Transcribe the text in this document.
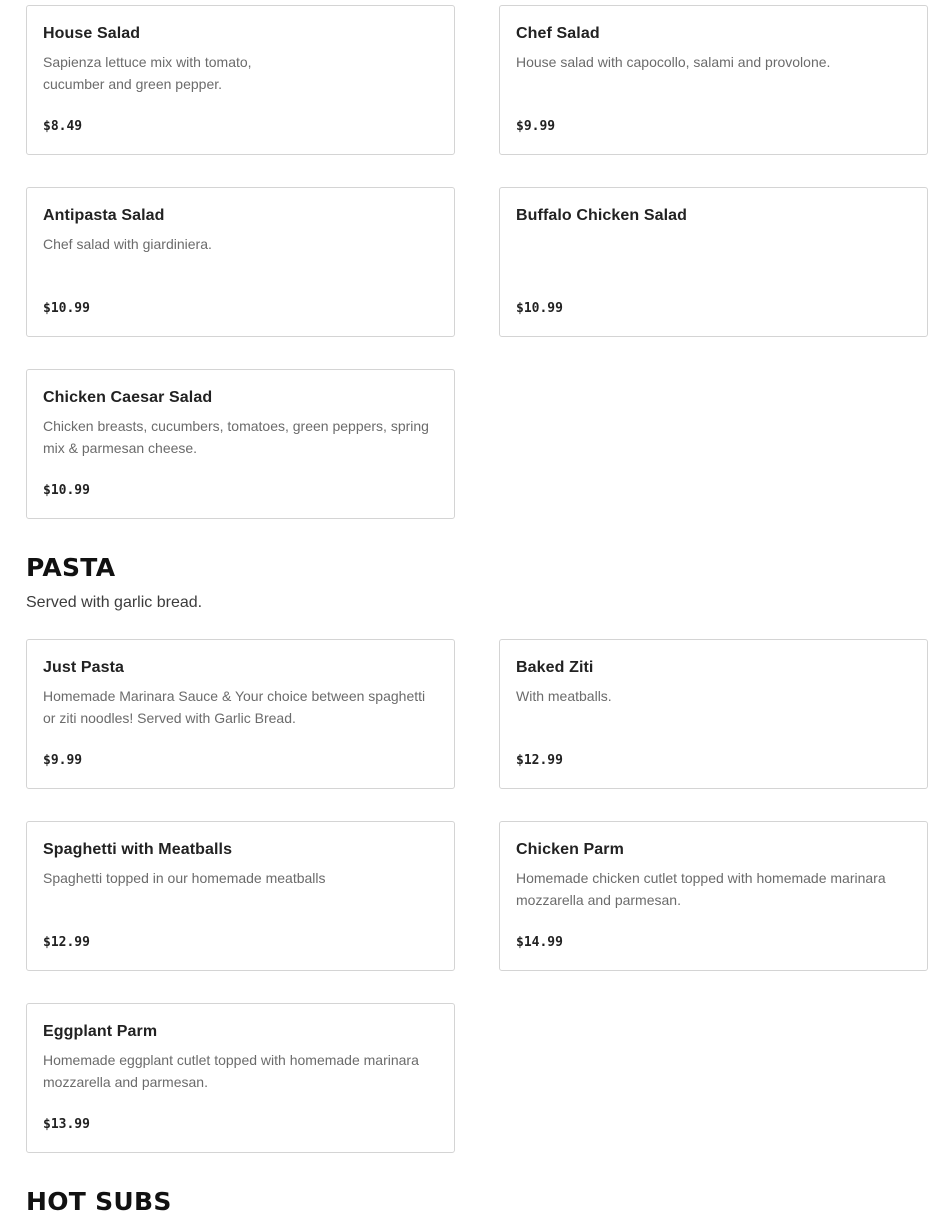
House Salad
Sapienza lettuce mix with tomato, cucumber and green pepper.
$8.49
Chef Salad
House salad with capocollo, salami and provolone.
$9.99
Antipasta Salad
Chef salad with giardiniera.
$10.99
Buffalo Chicken Salad
$10.99
Chicken Caesar Salad
Chicken breasts, cucumbers, tomatoes, green peppers, spring mix & parmesan cheese.
$10.99
PASTA
Served with garlic bread.
Just Pasta
Homemade Marinara Sauce & Your choice between spaghetti or ziti noodles! Served with Garlic Bread.
$9.99
Baked Ziti
With meatballs.
$12.99
Spaghetti with Meatballs
Spaghetti topped in our homemade meatballs
$12.99
Chicken Parm
Homemade chicken cutlet topped with homemade marinara mozzarella and parmesan.
$14.99
Eggplant Parm
Homemade eggplant cutlet topped with homemade marinara mozzarella and parmesan.
$13.99
HOT SUBS
